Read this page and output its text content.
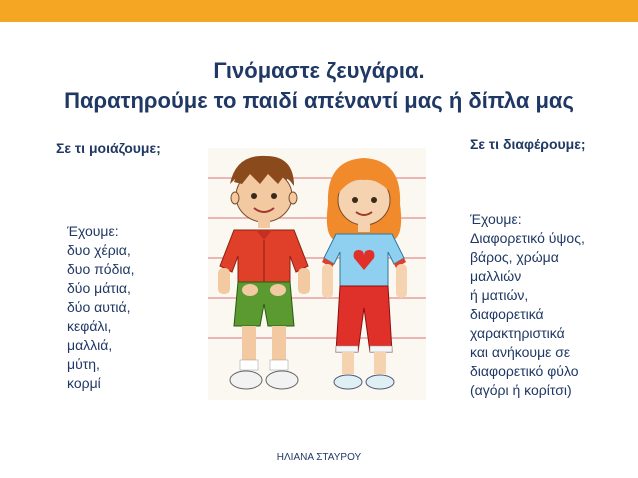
Γινόμαστε ζευγάρια.
Παρατηρούμε το παιδί απέναντί μας ή δίπλα μας
Σε τι μοιάζουμε;	Σε τι διαφέρουμε;
Έχουμε:
δυο χέρια,
δυο πόδια,
δύο μάτια,
δύο αυτιά,
κεφάλι,
μαλλιά,
μύτη,
κορμί
Έχουμε:
Διαφορετικό ύψος,
βάρος, χρώμα
μαλλιών
ή ματιών,
διαφορετικά
χαρακτηριστικά
και ανήκουμε σε
διαφορετικό φύλο
(αγόρι ή κορίτσι)
ΗΛΙΑΝΑ ΣΤΑΥΡΟΥ
